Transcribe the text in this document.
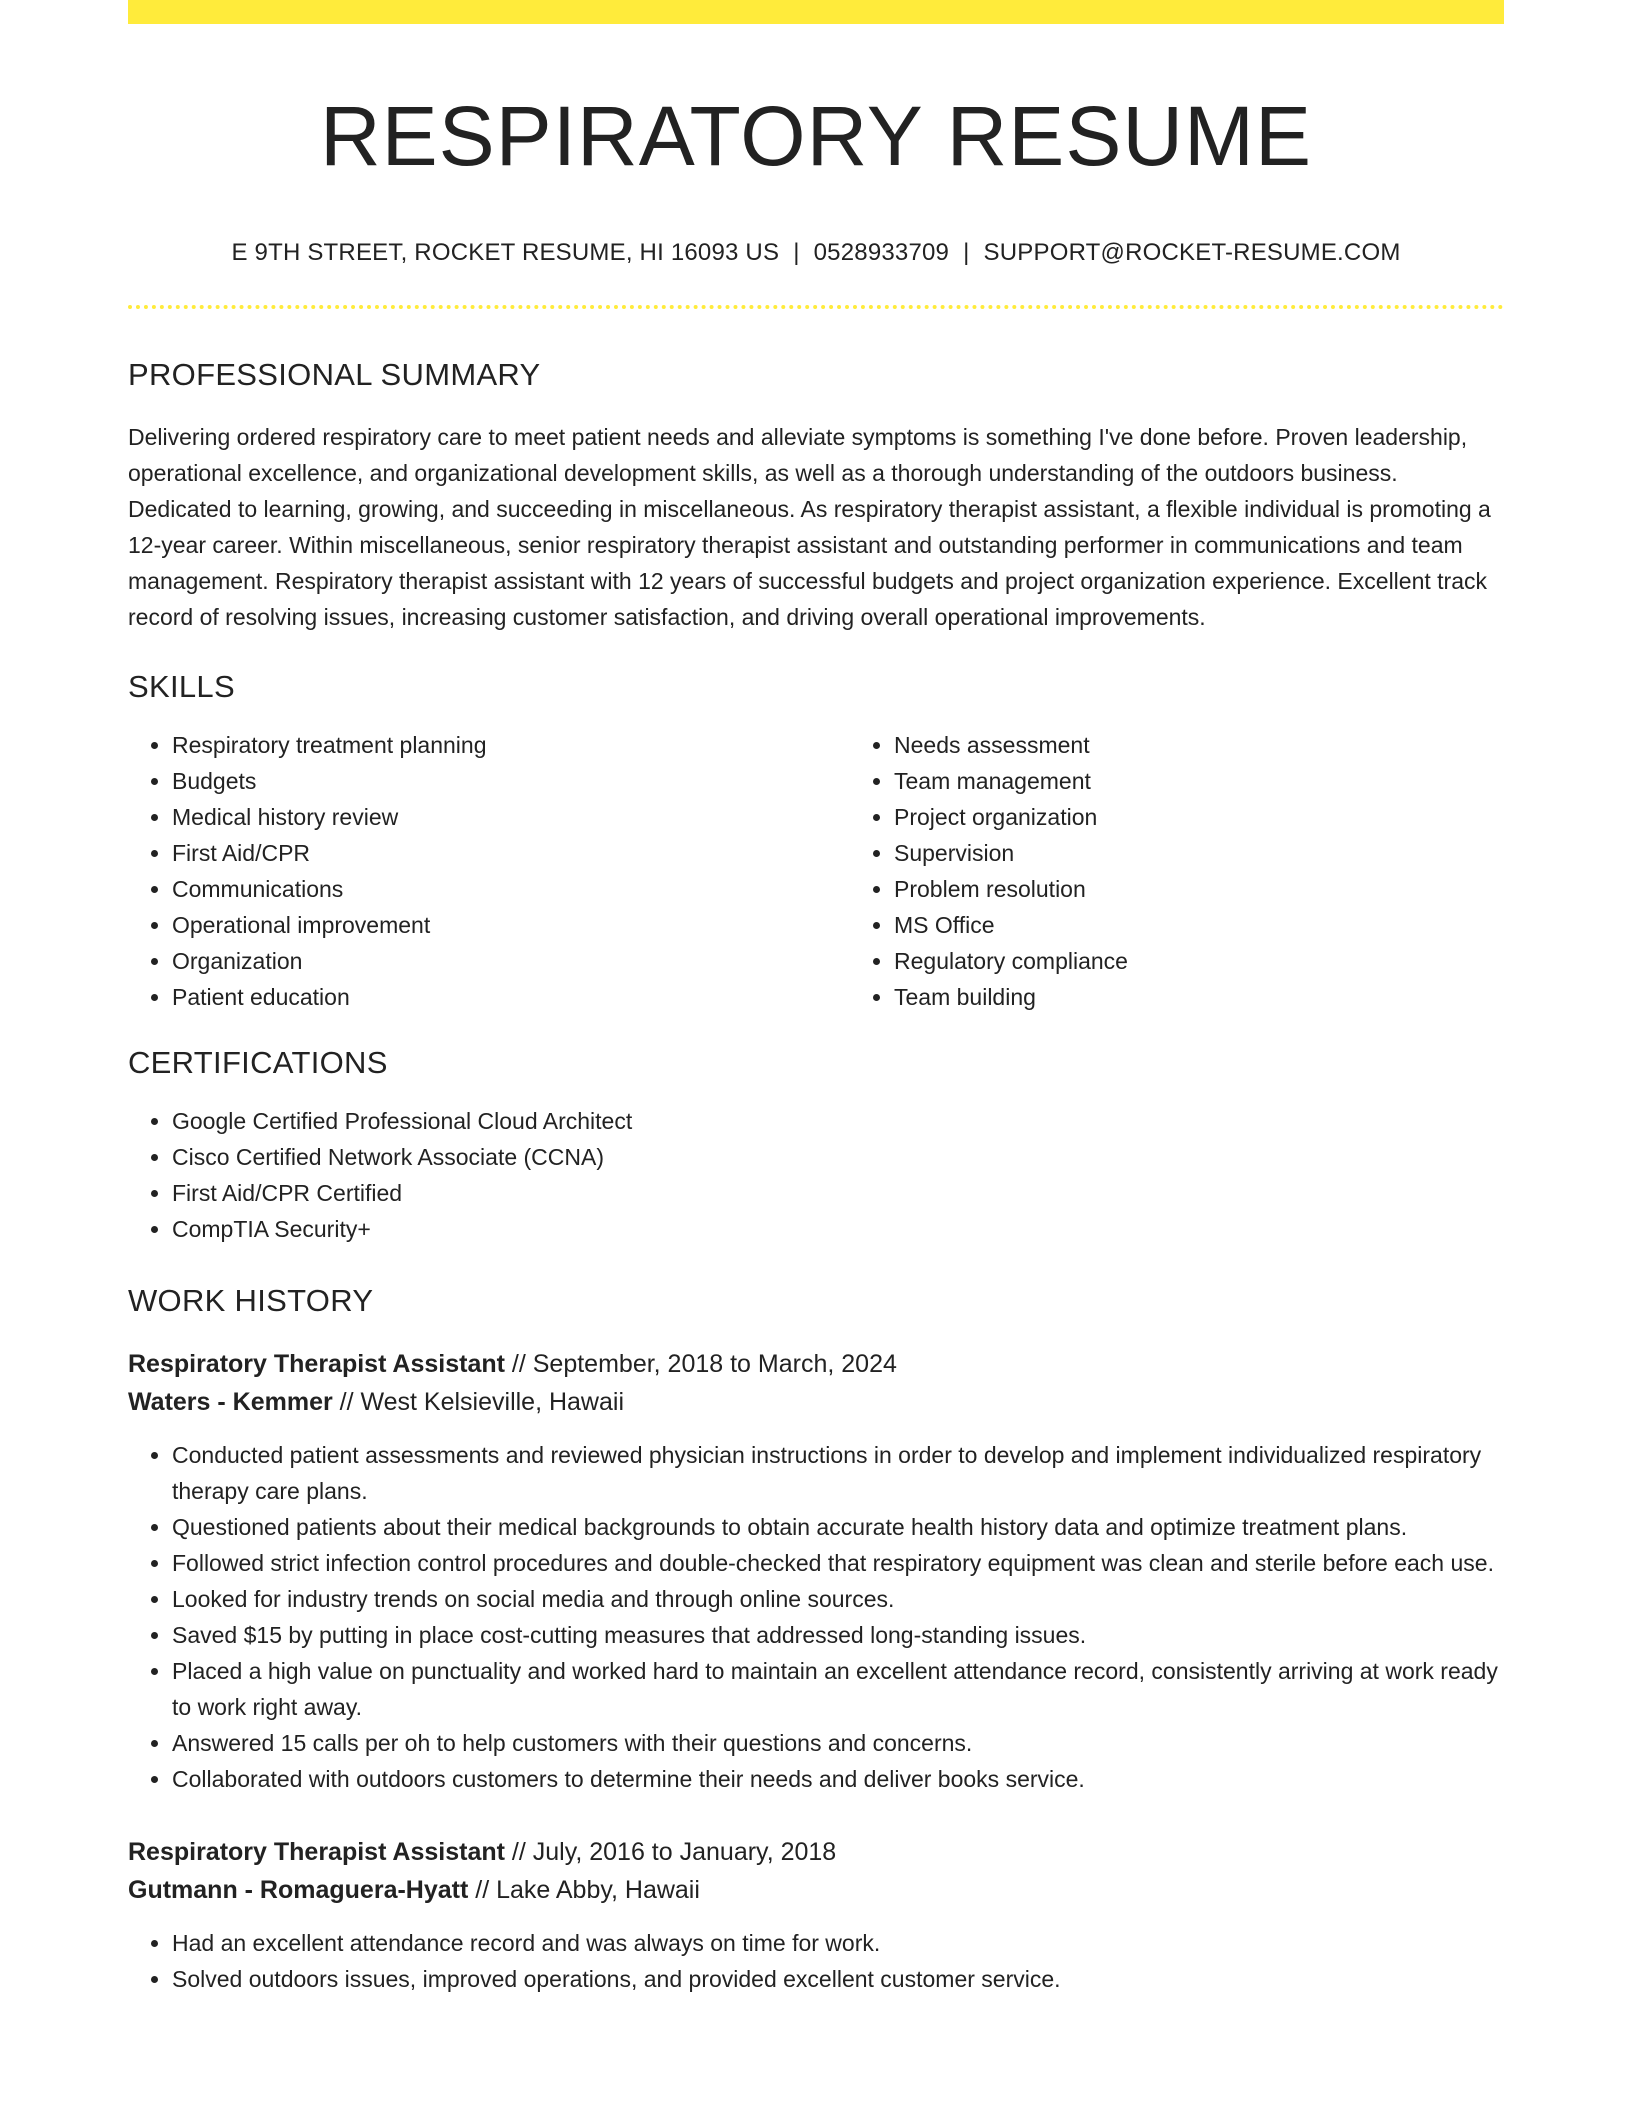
RESPIRATORY RESUME
E 9TH STREET, ROCKET RESUME, HI 16093 US | 0528933709 | SUPPORT@ROCKET-RESUME.COM
PROFESSIONAL SUMMARY

Delivering ordered respiratory care to meet patient needs and alleviate symptoms is something I've done before. Proven leadership, operational excellence, and organizational development skills, as well as a thorough understanding of the outdoors business. Dedicated to learning, growing, and succeeding in miscellaneous. As respiratory therapist assistant, a flexible individual is promoting a 12-year career. Within miscellaneous, senior respiratory therapist assistant and outstanding performer in communications and team management. Respiratory therapist assistant with 12 years of successful budgets and project organization experience. Excellent track record of resolving issues, increasing customer satisfaction, and driving overall operational improvements.

SKILLS
• Respiratory treatment planning
• Budgets
• Medical history review
• First Aid/CPR
• Communications
• Operational improvement
• Organization
• Patient education
• Needs assessment
• Team management
• Project organization
• Supervision
• Problem resolution
• MS Office
• Regulatory compliance
• Team building
CERTIFICATIONS
• Google Certified Professional Cloud Architect
• Cisco Certified Network Associate (CCNA)
• First Aid/CPR Certified
• CompTIA Security+
WORK HISTORY
Respiratory Therapist Assistant // September, 2018 to March, 2024
Waters - Kemmer // West Kelsieville, Hawaii
• Conducted patient assessments and reviewed physician instructions in order to develop and implement individualized respiratory therapy care plans.
• Questioned patients about their medical backgrounds to obtain accurate health history data and optimize treatment plans.
• Followed strict infection control procedures and double-checked that respiratory equipment was clean and sterile before each use.
• Looked for industry trends on social media and through online sources.
• Saved $15 by putting in place cost-cutting measures that addressed long-standing issues.
• Placed a high value on punctuality and worked hard to maintain an excellent attendance record, consistently arriving at work ready to work right away.
• Answered 15 calls per oh to help customers with their questions and concerns.
• Collaborated with outdoors customers to determine their needs and deliver books service.
Respiratory Therapist Assistant // July, 2016 to January, 2018
Gutmann - Romaguera-Hyatt // Lake Abby, Hawaii
• Had an excellent attendance record and was always on time for work.
• Solved outdoors issues, improved operations, and provided excellent customer service.
